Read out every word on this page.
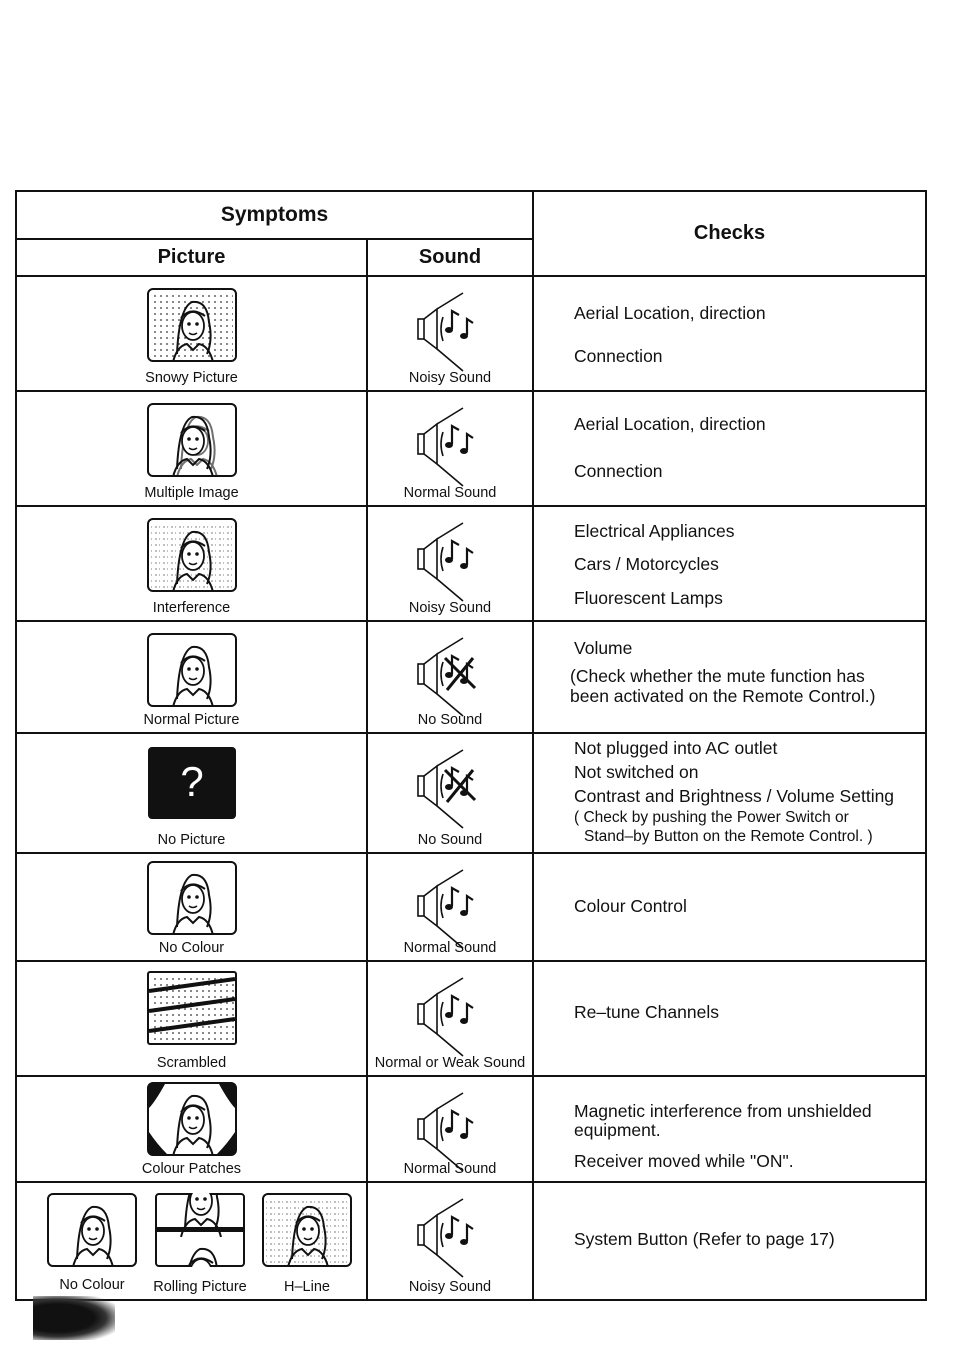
Symptoms
Picture	Sound
Checks
Snowy Picture	Noisy Sound
Aerial Location, direction
Connection
Multiple Image	Normal Sound
Aerial Location, direction
Connection
Interference	Noisy Sound
Electrical Appliances
Cars / Motorcycles
Fluorescent Lamps
Normal Picture	No Sound
Volume
(Check whether the mute function has
been activated on the Remote Control.)
?
No Picture	No Sound
Not plugged into AC outlet
Not switched on
Contrast and Brightness / Volume Setting
( Check by pushing the Power Switch or
Stand–by Button on the Remote Control. )
No Colour	Normal Sound
Colour Control
Scrambled	Normal or Weak Sound
Re–tune Channels
Colour Patches	Normal Sound
Magnetic interference from unshielded
equipment.
Receiver moved while "ON".
No Colour	Rolling Picture	H–Line	Noisy Sound
System Button (Refer to page 17)
